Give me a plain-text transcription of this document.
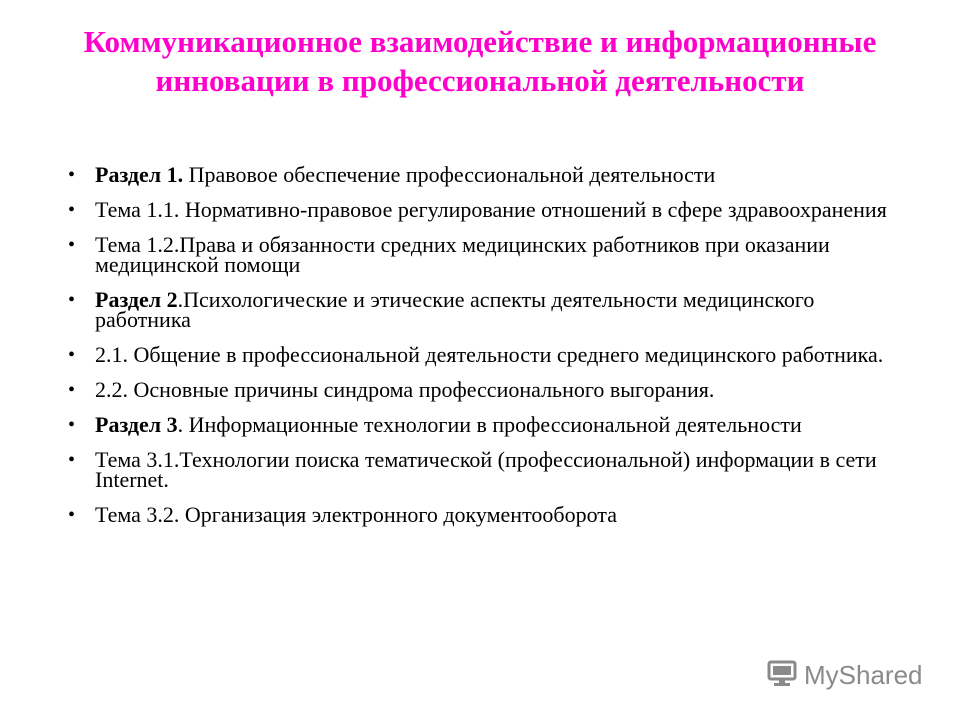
Коммуникационное взаимодействие и информационные инновации в профессиональной деятельности
• Раздел 1. Правовое обеспечение профессиональной деятельности
• Тема 1.1. Нормативно-правовое регулирование отношений в сфере здравоохранения
• Тема 1.2.Права и обязанности средних медицинских работников при оказании медицинской помощи
• Раздел 2.Психологические и этические аспекты деятельности медицинского работника
• 2.1. Общение в профессиональной деятельности среднего медицинского работника.
• 2.2. Основные причины синдрома профессионального выгорания.
• Раздел 3. Информационные технологии в профессиональной деятельности
• Тема 3.1.Технологии поиска тематической (профессиональной) информации в сети Internet.
• Тема 3.2. Организация электронного документооборота
MyShared
